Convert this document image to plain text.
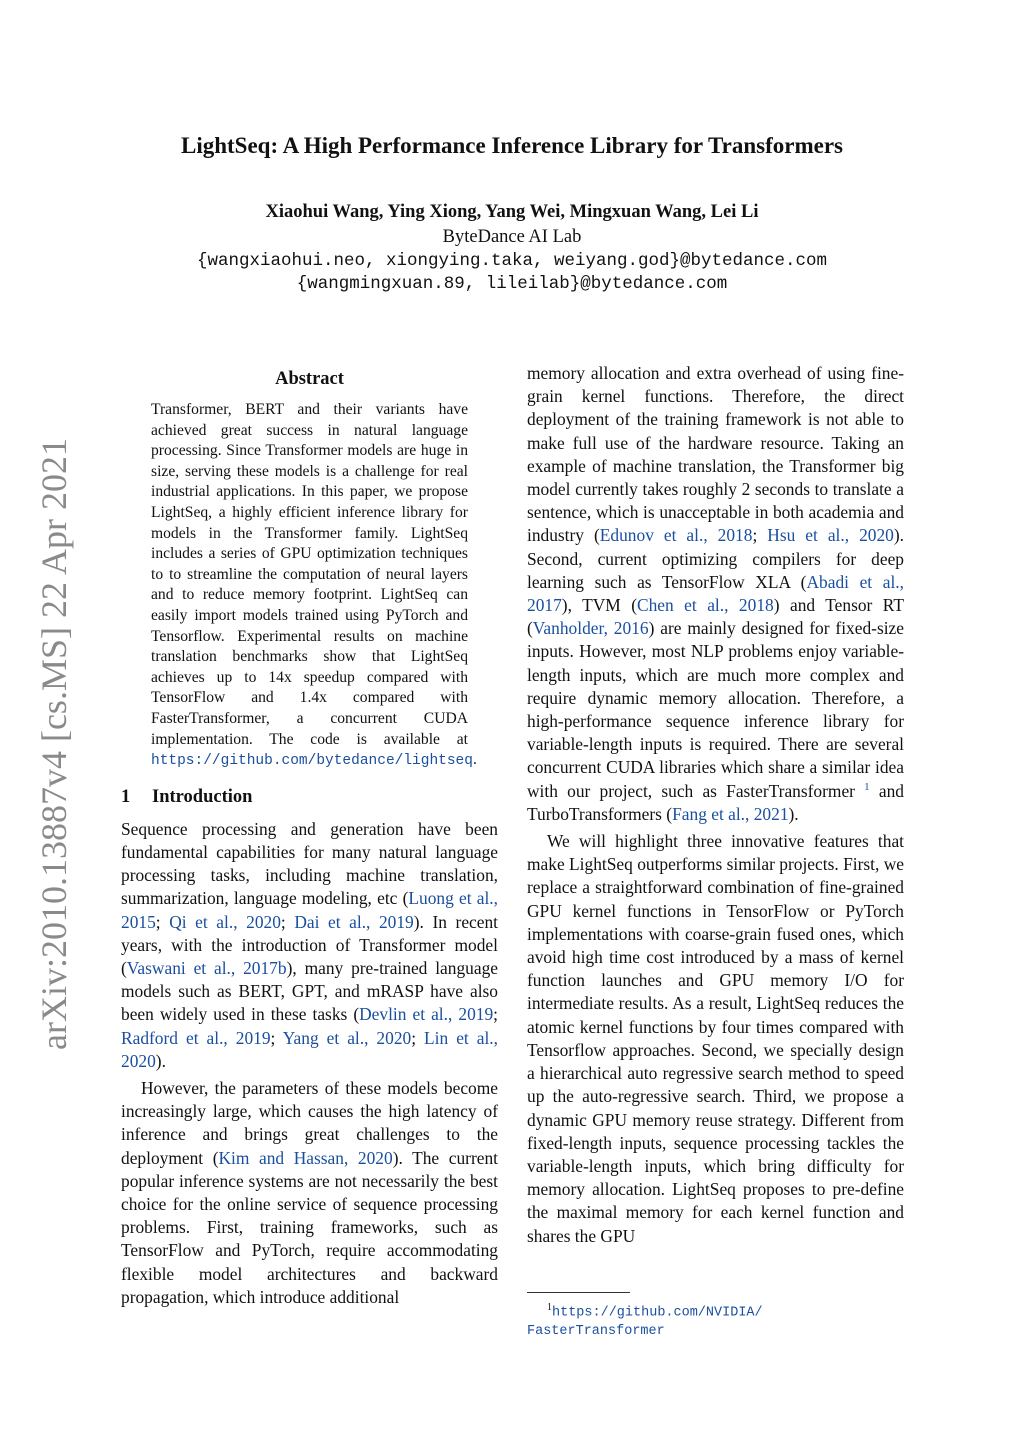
arXiv:2010.13887v4 [cs.MS] 22 Apr 2021
LightSeq: A High Performance Inference Library for Transformers
Xiaohui Wang, Ying Xiong, Yang Wei, Mingxuan Wang, Lei Li
ByteDance AI Lab
{wangxiaohui.neo, xiongying.taka, weiyang.god}@bytedance.com
{wangmingxuan.89, lileilab}@bytedance.com
Abstract
Transformer, BERT and their variants have achieved great success in natural language processing. Since Transformer models are huge in size, serving these models is a challenge for real industrial applications. In this paper, we propose LightSeq, a highly efficient inference library for models in the Transformer family. LightSeq includes a series of GPU optimization techniques to to streamline the computation of neural layers and to reduce memory footprint. LightSeq can easily import models trained using PyTorch and Tensorflow. Experimental results on machine translation benchmarks show that LightSeq achieves up to 14x speedup compared with TensorFlow and 1.4x compared with FasterTransformer, a concurrent CUDA implementation. The code is available at https://github.com/bytedance/lightseq.
1 Introduction

Sequence processing and generation have been fundamental capabilities for many natural language processing tasks, including machine translation, summarization, language modeling, etc (Luong et al., 2015; Qi et al., 2020; Dai et al., 2019). In recent years, with the introduction of Transformer model (Vaswani et al., 2017b), many pre-trained language models such as BERT, GPT, and mRASP have also been widely used in these tasks (Devlin et al., 2019; Radford et al., 2019; Yang et al., 2020; Lin et al., 2020).

However, the parameters of these models become increasingly large, which causes the high latency of inference and brings great challenges to the deployment (Kim and Hassan, 2020). The current popular inference systems are not necessarily the best choice for the online service of sequence processing problems. First, training frameworks, such as TensorFlow and PyTorch, require accommodating flexible model architectures and backward propagation, which introduce additional

memory allocation and extra overhead of using fine-grain kernel functions. Therefore, the direct deployment of the training framework is not able to make full use of the hardware resource. Taking an example of machine translation, the Transformer big model currently takes roughly 2 seconds to translate a sentence, which is unacceptable in both academia and industry (Edunov et al., 2018; Hsu et al., 2020). Second, current optimizing compilers for deep learning such as TensorFlow XLA (Abadi et al., 2017), TVM (Chen et al., 2018) and Tensor RT (Vanholder, 2016) are mainly designed for fixed-size inputs. However, most NLP problems enjoy variable-length inputs, which are much more complex and require dynamic memory allocation. Therefore, a high-performance sequence inference library for variable-length inputs is required. There are several concurrent CUDA libraries which share a similar idea with our project, such as FasterTransformer $^1$ and TurboTransformers (Fang et al., 2021).

We will highlight three innovative features that make LightSeq outperforms similar projects. First, we replace a straightforward combination of fine-grained GPU kernel functions in TensorFlow or PyTorch implementations with coarse-grain fused ones, which avoid high time cost introduced by a mass of kernel function launches and GPU memory I/O for intermediate results. As a result, LightSeq reduces the atomic kernel functions by four times compared with Tensorflow approaches. Second, we specially design a hierarchical auto regressive search method to speed up the auto-regressive search. Third, we propose a dynamic GPU memory reuse strategy. Different from fixed-length inputs, sequence processing tackles the variable-length inputs, which bring difficulty for memory allocation. LightSeq proposes to pre-define the maximal memory for each kernel function and shares the GPU

$^1$https://github.com/NVIDIA/
FasterTransformer
